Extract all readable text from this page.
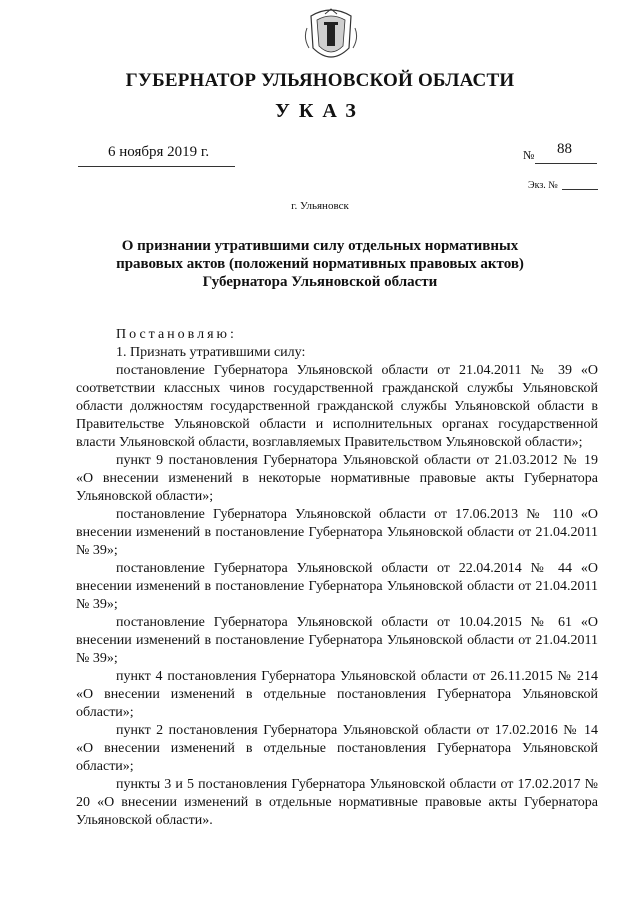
ГУБЕРНАТОР УЛЬЯНОВСКОЙ ОБЛАСТИ
УКАЗ
6 ноября 2019 г.	№ 88
Экз. №
г. Ульяновск
О признании утратившими силу отдельных нормативных
правовых актов (положений нормативных правовых актов)
Губернатора Ульяновской области

Постановляю:

1. Признать утратившими силу:

постановление Губернатора Ульяновской области от 21.04.2011 № 39 «О соответствии классных чинов государственной гражданской службы Ульяновской области должностям государственной гражданской службы Ульяновской области в Правительстве Ульяновской области и исполнительных органах государственной власти Ульяновской области, возглавляемых Правительством Ульяновской области»;

пункт 9 постановления Губернатора Ульяновской области от 21.03.2012 № 19 «О внесении изменений в некоторые нормативные правовые акты Губернатора Ульяновской области»;

постановление Губернатора Ульяновской области от 17.06.2013 № 110 «О внесении изменений в постановление Губернатора Ульяновской области от 21.04.2011 № 39»;

постановление Губернатора Ульяновской области от 22.04.2014 № 44 «О внесении изменений в постановление Губернатора Ульяновской области от 21.04.2011 № 39»;

постановление Губернатора Ульяновской области от 10.04.2015 № 61 «О внесении изменений в постановление Губернатора Ульяновской области от 21.04.2011 № 39»;

пункт 4 постановления Губернатора Ульяновской области от 26.11.2015 № 214 «О внесении изменений в отдельные постановления Губернатора Ульяновской области»;

пункт 2 постановления Губернатора Ульяновской области от 17.02.2016 № 14 «О внесении изменений в отдельные постановления Губернатора Ульяновской области»;

пункты 3 и 5 постановления Губернатора Ульяновской области от 17.02.2017 № 20 «О внесении изменений в отдельные нормативные правовые акты Губернатора Ульяновской области».
